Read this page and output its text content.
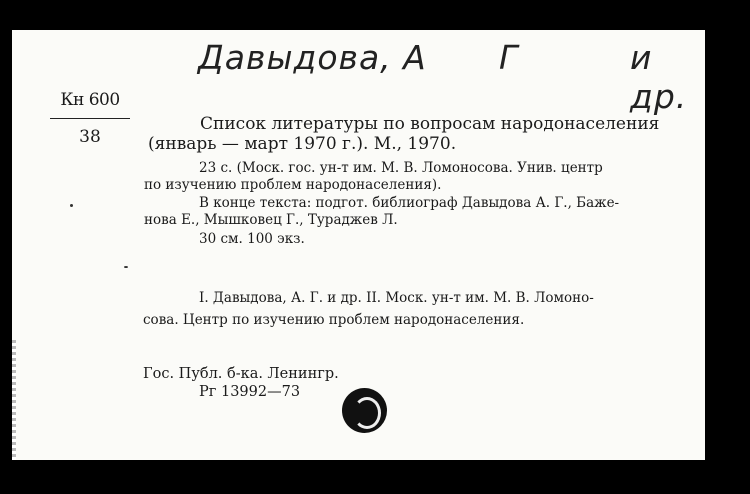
Давыдова, А Г	и др.
Кн 600
38
Список литературы по вопросам народонаселения
(январь — март 1970 г.). М., 1970.
23 с. (Моск. гос. ун-т им. М. В. Ломоносова. Унив. центр
по изучению проблем народонаселения).
В конце текста: подгот. библиограф Давыдова А. Г., Баже-
нова Е., Мышковец Г., Тураджев Л.
30 см. 100 экз.
I. Давыдова, А. Г. и др. II. Моск. ун-т им. М. В. Ломоно-
сова. Центр по изучению проблем народонаселения.
Гос. Публ. б-ка. Ленингр.
Рг 13992—73
